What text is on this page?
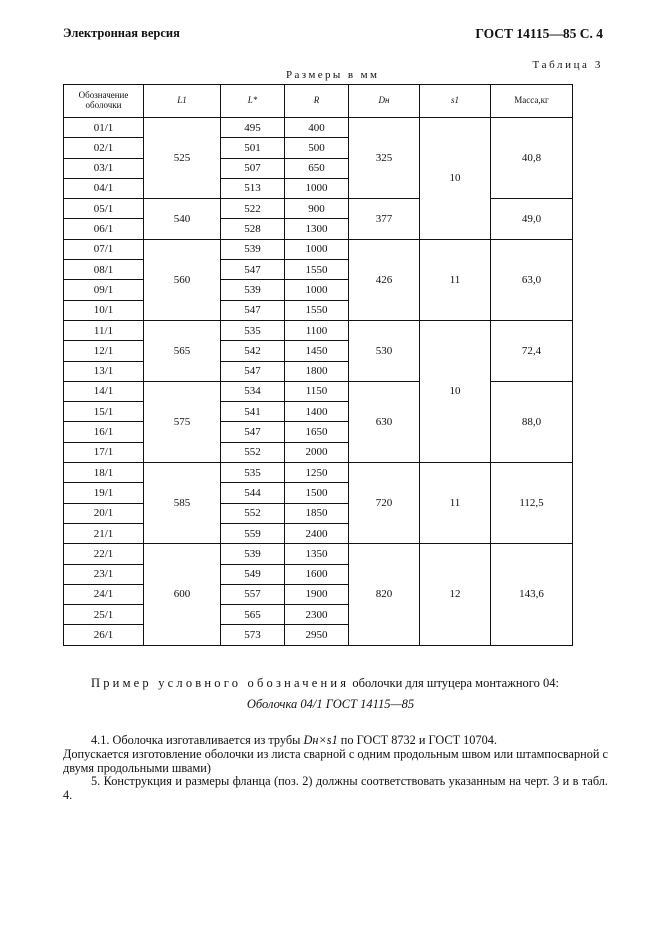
Электронная версия	ГОСТ 14115—85 С. 4
Таблица 3
Размеры в мм
Обозначение оболочки	L1	L*	R	Dн	s1	Масса,кг
01/1	525	495	400	325	10	40,8
02/1		501	500			
03/1		507	650			
04/1		513	1000			
05/1	540	522	900	377		49,0
06/1		528	1300			
07/1	560	539	1000	426	11	63,0
08/1		547	1550			
09/1		539	1000			
10/1		547	1550			
11/1	565	535	1100	530	10	72,4
12/1		542	1450			
13/1		547	1800			
14/1	575	534	1150	630		88,0
15/1		541	1400			
16/1		547	1650			
17/1		552	2000			
18/1	585	535	1250	720	11	112,5
19/1		544	1500			
20/1		552	1850			
21/1		559	2400			
22/1	600	539	1350	820	12	143,6
23/1		549	1600			
24/1		557	1900			
25/1		565	2300			
26/1		573	2950			
Пример условного обозначения оболочки для штуцера монтажного 04:
Оболочка 04/1 ГОСТ 14115—85
4.1. Оболочка изготавливается из трубы Dн×s1 по ГОСТ 8732 и ГОСТ 10704.
Допускается изготовление оболочки из листа сварной с одним продольным швом или штампосварной с двумя продольными швами)
5. Конструкция и размеры фланца (поз. 2) должны соответствовать указанным на черт. 3 и в табл. 4.
